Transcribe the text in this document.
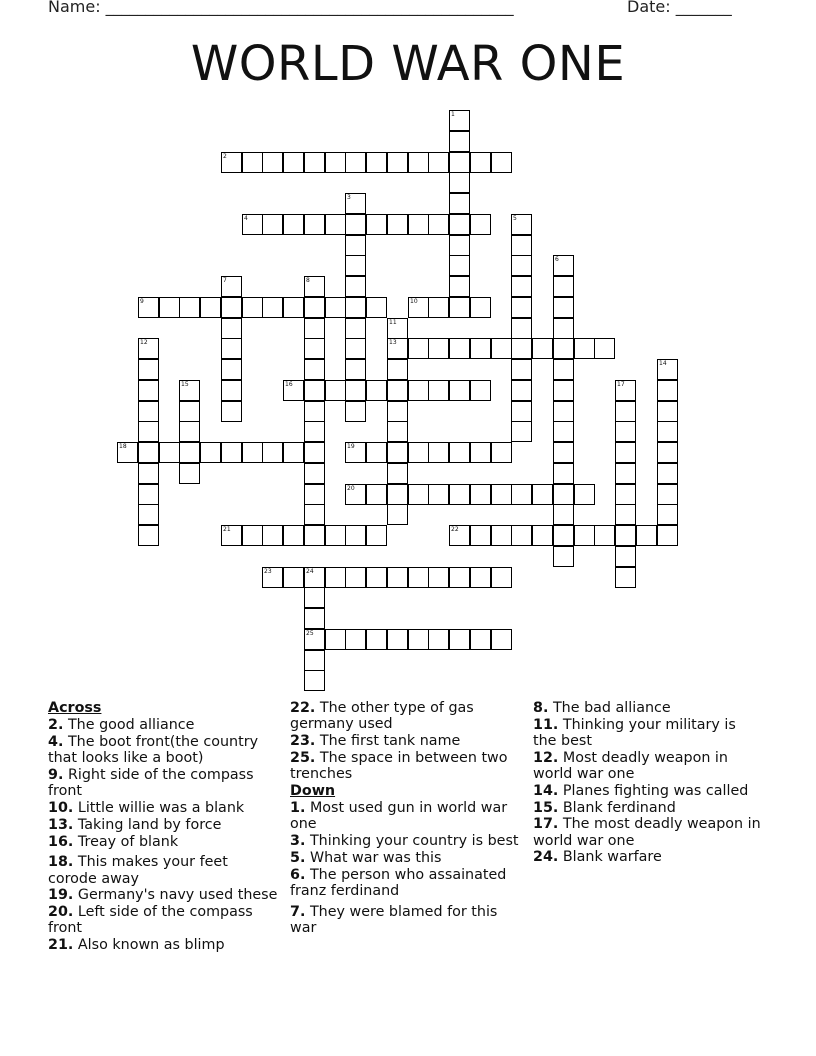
Name: ___________________________________________________	Date: _______
WORLD WAR ONE
2
4
9	10
13
16
18	19
20
21	22
23	24
25
1
3
5
6
7	8
11
12
14
15	17
Across
2. The good alliance
4. The boot front(the country that looks like a boot)
9. Right side of the compass front
10. Little willie was a blank
13. Taking land by force
16. Treay of blank
18. This makes your feet corode away
19. Germany's navy used these
20. Left side of the compass front
21. Also known as blimp
22. The other type of gas germany used
23. The first tank name
25. The space in between two trenches
Down
1. Most used gun in world war one
3. Thinking your country is best
5. What war was this
6. The person who assainated franz ferdinand
7. They were blamed for this war
8. The bad alliance
11. Thinking your military is the best
12. Most deadly weapon in world war one
14. Planes fighting was called
15. Blank ferdinand
17. The most deadly weapon in world war one
24. Blank warfare
